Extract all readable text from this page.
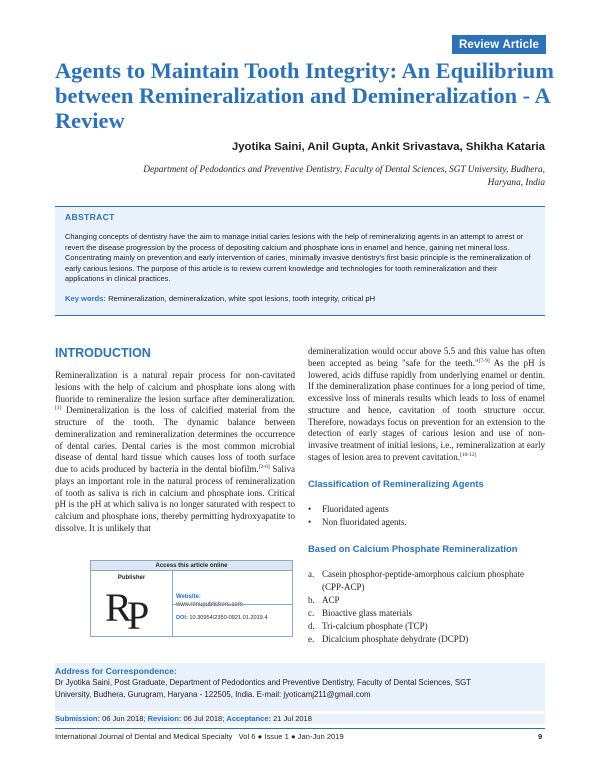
Review
Article
Agents to Maintain Tooth Integrity: An Equilibrium between Remineralization and Demineralization - A Review
Jyotika Saini, Anil Gupta, Ankit Srivastava, Shikha Kataria
Department of Pedodontics and Preventive Dentistry, Faculty of Dental Sciences, SGT University, Budhera, Haryana, India
ABSTRACT

Changing concepts of dentistry have the aim to manage initial caries lesions with the help of remineralizing agents in an attempt to arrest or revert the disease progression by the process of depositing calcium and phosphate ions in enamel and hence, gaining net mineral loss. Concentrating mainly on prevention and early intervention of caries, minimally invasive dentistry's first basic principle is the remineralization of early carious lesions. The purpose of this article is to review current knowledge and technologies for tooth remineralization and their applications in clinical practices.

Key words: Remineralization, demineralization, white spot lesions, tooth integrity, critical pH

INTRODUCTION

Remineralization is a natural repair process for non-cavitated lesions with the help of calcium and phosphate ions along with fluoride to remineralize the lesion surface after demineralization.[1] Demineralization is the loss of calcified material from the structure of the tooth. The dynamic balance between demineralization and remineralization determines the occurrence of dental caries. Dental caries is the most common microbial disease of dental hard tissue which causes loss of tooth surface due to acids produced by bacteria in the dental biofilm.[2-6] Saliva plays an important role in the natural process of remineralization of tooth as saliva is rich in calcium and phosphate ions. Critical pH is the pH at which saliva is no longer saturated with respect to calcium and phosphate ions, thereby permitting hydroxyapatite to dissolve. It is unlikely that

Access this article online
Publisher
R
P	Website:
www.renupublishers.com
DOI: 10.30954/2350-0921.01.2019.4

demineralization would occur above 5.5 and this value has often been accepted as being "safe for the teeth."[7-9] As the pH is lowered, acids diffuse rapidly from underlying enamel or dentin. If the demineralization phase continues for a long period of time, excessive loss of minerals results which leads to loss of enamel structure and hence, cavitation of tooth structure occur. Therefore, nowadays focus on prevention for an extension to the detection of early stages of carious lesion and use of non-invasive treatment of initial lesions, i.e., remineralization at early stages of lesion area to prevent cavitation.[10-12]

Classification of Remineralizing Agents
• Fluoridated agents
• Non fluoridated agents.
Based on Calcium Phosphate Remineralization
a. Casein phosphor-peptide-amorphous calcium phosphate
(CPP-ACP)
b. ACP
c. Bioactive glass materials
d. Tri-calcium phosphate (TCP)
e. Dicalcium phosphate dehydrate (DCPD)
Address for Correspondence:
Dr Jyotika Saini, Post Graduate, Department of Pedodontics and Preventive Dentistry, Faculty of Dental Sciences, SGT
University, Budhera, Gurugram, Haryana - 122505, India. E-mail: jyoticamj211@gmail.com
Submission: 06 Jun 2018; Revision: 06 Jul 2018; Acceptance: 21 Jul 2018
International Journal of Dental and Medical Specialty Vol 6 ● Issue 1 ● Jan-Jun 2019	9
